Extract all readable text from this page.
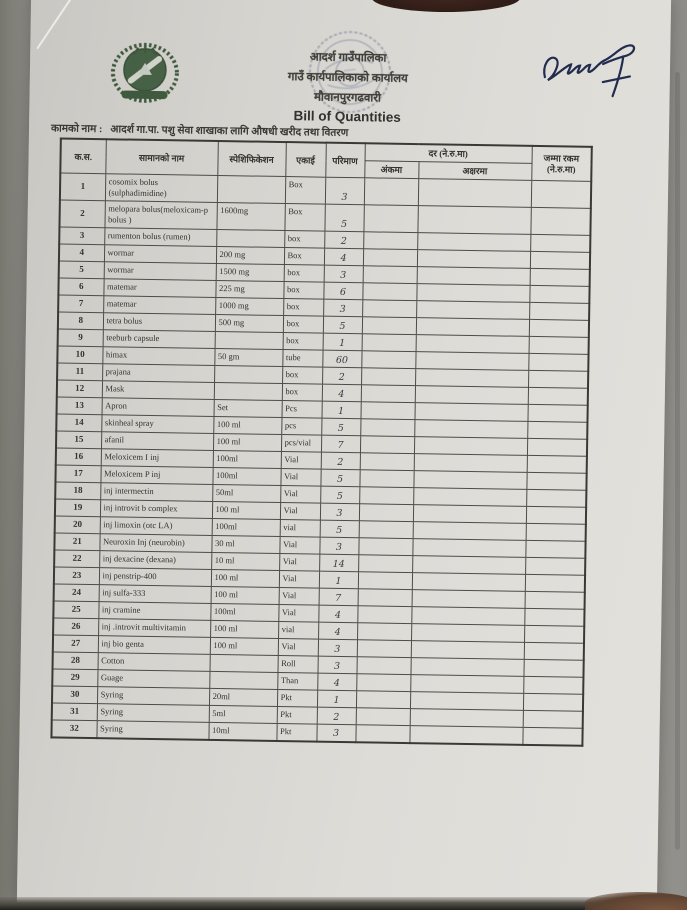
आदर्श गाउँपालिका
गाउँ कार्यपालिकाको कार्यालय
मौवानपुरगढवारी
Bill of Quantities
कामको नाम : आदर्श गा.पा. पशु सेवा शाखाका लागि औषधी खरीद तथा वितरण
क.स.	सामानको नाम	स्पेशिफिकेशन	एकाई	परिमाण	दर (ने.रु.मा)		जम्मा रकम
(ने.रु.मा)

					अंकमा	अक्षरमा	
1	cosomix bolus (sulphadimidine)		Box	3			
2	melopara bolus(meloxicam-p bolus )	1600mg	Box	5			
3	rumenton bolus (rumen)		box	2			
4	wormar	200 mg	Box	4			
5	wormar	1500 mg	box	3			
6	matemar	225 mg	box	6			
7	matemar	1000 mg	box	3			
8	tetra bolus	500 mg	box	5			
9	teeburb capsule		box	1			
10	himax	50 gm	tube	60			
11	prajana		box	2			
12	Mask		box	4			
13	Apron	Set	Pcs	1			
14	skinheal spray	100 ml	pcs	5			
15	afanil	100 ml	pcs/vial	7			
16	Meloxicem I inj	100ml	Vial	2			
17	Meloxicem P inj	100ml	Vial	5			
18	inj intermectin	50ml	Vial	5			
19	inj introvit b complex	100 ml	Vial	3			
20	inj limoxin (otc LA)	100ml	vial	5			
21	Neuroxin Inj (neurobin)	30 ml	Vial	3			
22	inj dexacine (dexana)	10 ml	Vial	14			
23	inj penstrip-400	100 ml	Vial	1			
24	inj sulfa-333	100 ml	Vial	7			
25	inj cramine	100ml	Vial	4			
26	inj .introvit multivitamin	100 ml	vial	4			
27	inj bio genta	100 ml	Vial	3			
28	Cotton		Roll	3			
29	Guage		Than	4			
30	Syring	20ml	Pkt	1			
31	Syring	5ml	Pkt	2			
32	Syring	10ml	Pkt	3			
